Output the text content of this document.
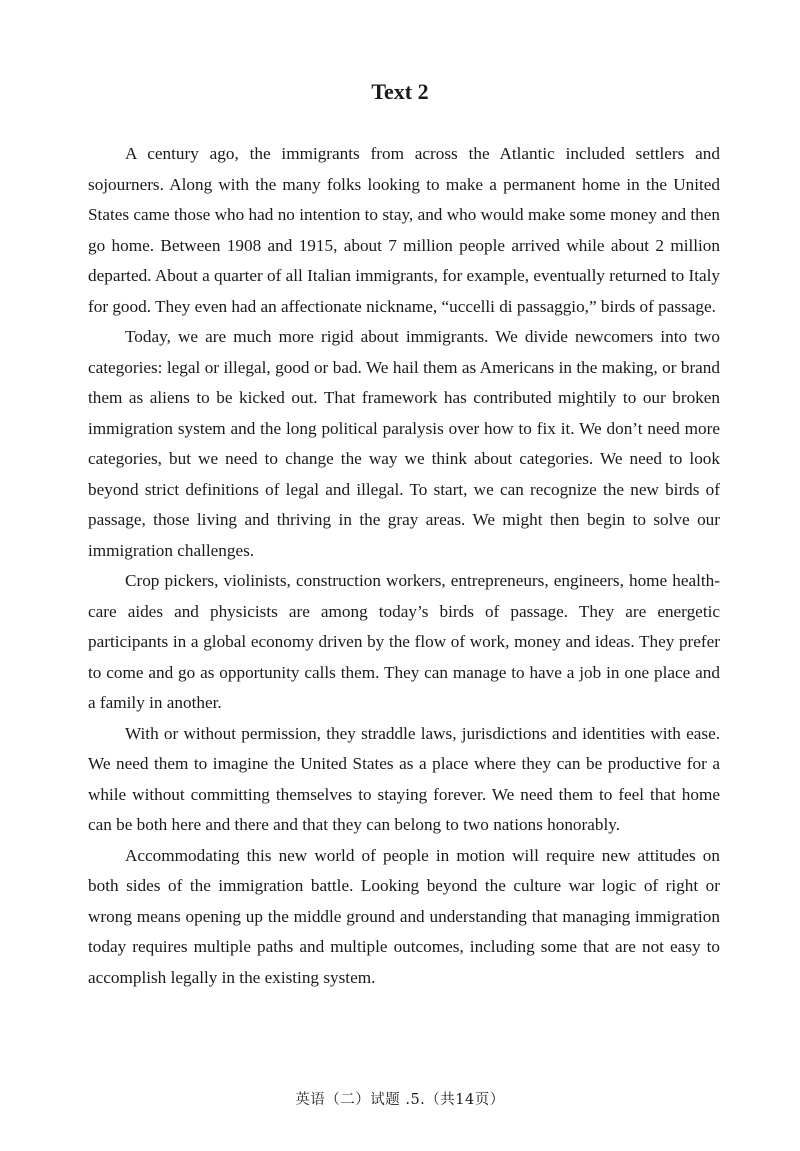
Text 2

A century ago, the immigrants from across the Atlantic included settlers and sojourners. Along with the many folks looking to make a permanent home in the United States came those who had no intention to stay, and who would make some money and then go home. Between 1908 and 1915, about 7 million people arrived while about 2 million departed. About a quarter of all Italian immigrants, for example, eventually returned to Italy for good. They even had an affectionate nickname, “uccelli di passaggio,” birds of passage.

Today, we are much more rigid about immigrants. We divide newcomers into two categories: legal or illegal, good or bad. We hail them as Americans in the making, or brand them as aliens to be kicked out. That framework has contributed mightily to our broken immigration system and the long political paralysis over how to fix it. We don’t need more categories, but we need to change the way we think about categories. We need to look beyond strict definitions of legal and illegal. To start, we can recognize the new birds of passage, those living and thriving in the gray areas. We might then begin to solve our immigration challenges.

Crop pickers, violinists, construction workers, entrepreneurs, engineers, home health-care aides and physicists are among today’s birds of passage. They are energetic participants in a global economy driven by the flow of work, money and ideas. They prefer to come and go as opportunity calls them. They can manage to have a job in one place and a family in another.

With or without permission, they straddle laws, jurisdictions and identities with ease. We need them to imagine the United States as a place where they can be productive for a while without committing themselves to staying forever. We need them to feel that home can be both here and there and that they can belong to two nations honorably.

Accommodating this new world of people in motion will require new attitudes on both sides of the immigration battle. Looking beyond the culture war logic of right or wrong means opening up the middle ground and understanding that managing immigration today requires multiple paths and multiple outcomes, including some that are not easy to accomplish legally in the existing system.

英语（二）试题 .5.（共14页）
